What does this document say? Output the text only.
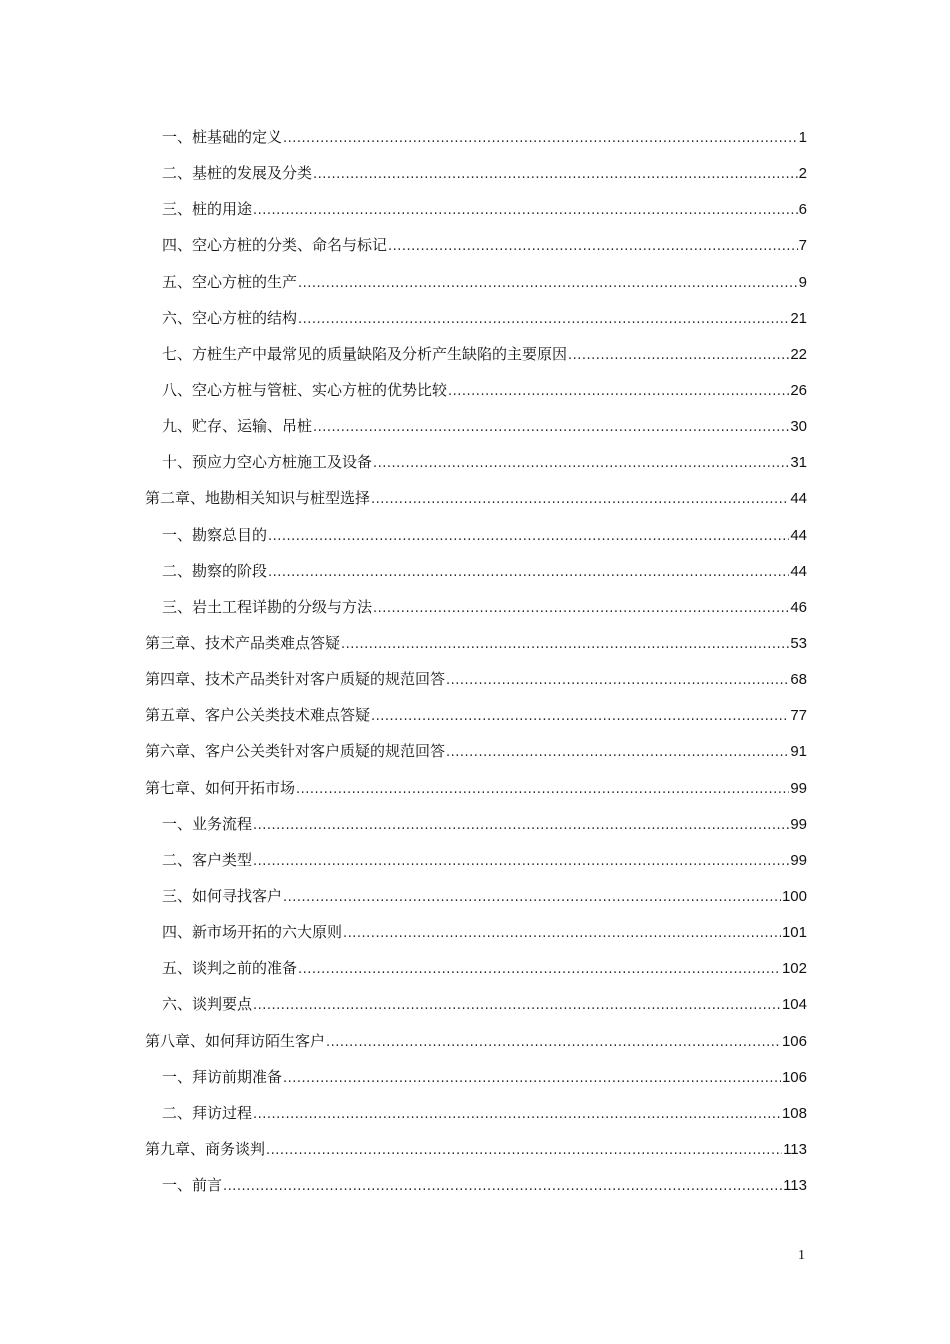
一、桩基础的定义 .....	1
二、基桩的发展及分类 .....	2
三、桩的用途 .....	6
四、空心方桩的分类、命名与标记 .....	7
五、空心方桩的生产 .....	9
六、空心方桩的结构 .....	21
七、方桩生产中最常见的质量缺陷及分析产生缺陷的主要原因 .....	22
八、空心方桩与管桩、实心方桩的优势比较 .....	26
九、贮存、运输、吊桩 .....	30
十、预应力空心方桩施工及设备 .....	31
第二章、地勘相关知识与桩型选择 .....	44
一、勘察总目的 .....	44
二、勘察的阶段 .....	44
三、岩土工程详勘的分级与方法 .....	46
第三章、技术产品类难点答疑 .....	53
第四章、技术产品类针对客户质疑的规范回答 .....	68
第五章、客户公关类技术难点答疑 .....	77
第六章、客户公关类针对客户质疑的规范回答 .....	91
第七章、如何开拓市场 .....	99
一、业务流程 .....	99
二、客户类型 .....	99
三、如何寻找客户 .....	100
四、新市场开拓的六大原则 .....	101
五、谈判之前的准备 .....	102
六、谈判要点 .....	104
第八章、如何拜访陌生客户 .....	106
一、拜访前期准备 .....	106
二、拜访过程 .....	108
第九章、商务谈判 .....	113
一、前言 .....	113
1
